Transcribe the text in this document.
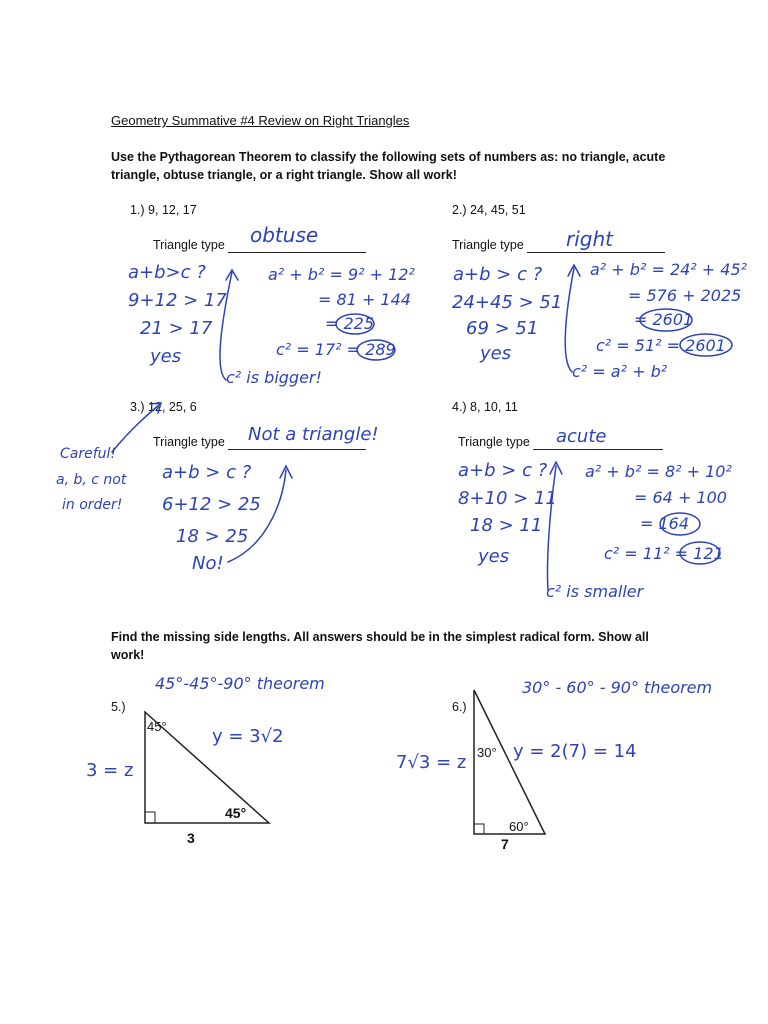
Geometry Summative #4 Review on Right Triangles
Use the Pythagorean Theorem to classify the following sets of numbers as: no triangle, acute triangle, obtuse triangle, or a right triangle. Show all work!
1.) 9, 12, 17
Triangle type obtuse
a+b>c ?
9+12 > 17
21 > 17
yes
a² + b² = 9² + 12²
= 81 + 144
= 225
c² = 17² = 289
c² is bigger!
2.) 24, 45, 51
Triangle type right
a+b > c ?
24+45 > 51
69 > 51
yes
a² + b² = 24² + 45²
= 576 + 2025
= 2601
c² = 51² = 2601
c² = a² + b²
3.) 12, 25, 6
Triangle type Not a triangle!
Careful!
a, b, c not
in order!
a+b > c ?
6+12 > 25
18 > 25
No!
4.) 8, 10, 11
Triangle type acute
a+b > c ?
8+10 > 11
18 > 11
yes
a² + b² = 8² + 10²
= 64 + 100
= 164
c² = 11² = 121
c² is smaller
Find the missing side lengths. All answers should be in the simplest radical form. Show all work!
45°-45°-90° theorem
5.)
45°
45°
y = 3√2
3 = z
3
30° - 60° - 90° theorem
6.)
30°
60°
y = 2(7) = 14
7√3 = z
7
